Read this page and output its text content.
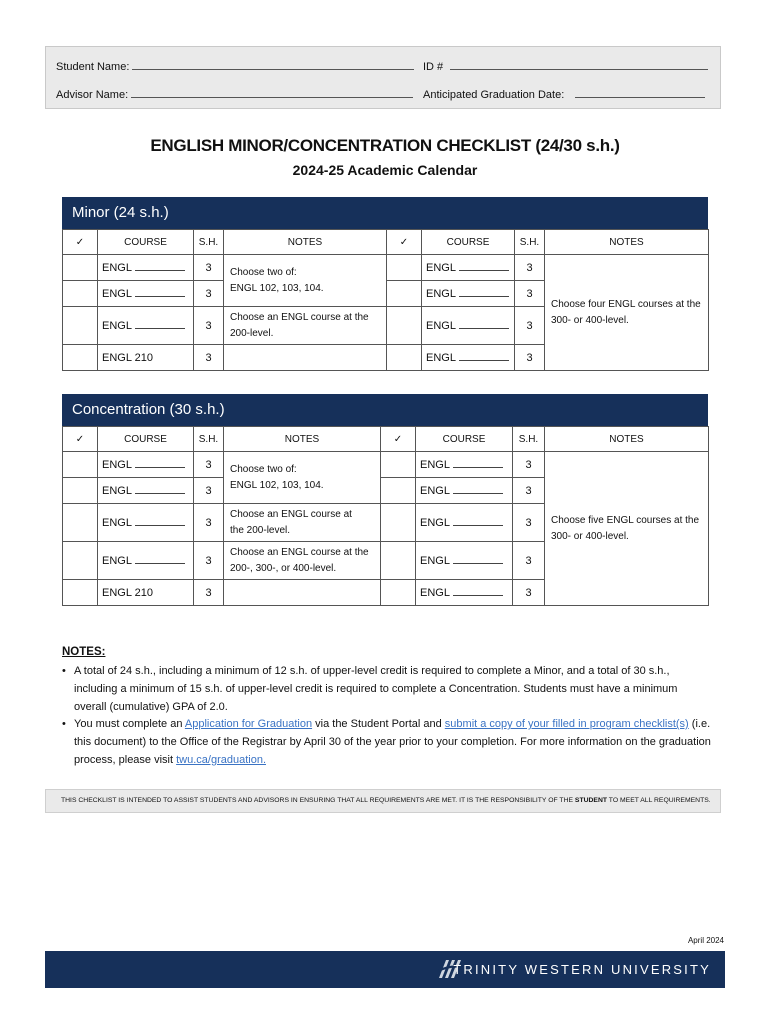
Student Name:	ID #
Advisor Name:	Anticipated Graduation Date:
ENGLISH MINOR/CONCENTRATION CHECKLIST (24/30 s.h.)
2024-25 Academic Calendar
Minor (24 s.h.)
✓	COURSE	S.H.	NOTES	✓	COURSE	S.H.	NOTES
	ENGL	3	Choose two of: ENGL 102, 103, 104.		ENGL	3	Choose four ENGL courses at the 300- or 400-level.
	ENGL	3			ENGL	3	
	ENGL	3	Choose an ENGL course at the 200-level.		ENGL	3	
	ENGL 210	3			ENGL	3	
Concentration (30 s.h.)
✓	COURSE	S.H.	NOTES	✓	COURSE	S.H.	NOTES
	ENGL	3	Choose two of: ENGL 102, 103, 104.		ENGL	3	Choose five ENGL courses at the 300- or 400-level.
	ENGL	3			ENGL	3	
	ENGL	3	Choose an ENGL course at the 200-level.		ENGL	3	
	ENGL	3	Choose an ENGL course at the 200-, 300-, or 400-level.		ENGL	3	
	ENGL 210	3			ENGL	3	
NOTES:
• A total of 24 s.h., including a minimum of 12 s.h. of upper-level credit is required to complete a Minor, and a total of 30 s.h., including a minimum of 15 s.h. of upper-level credit is required to complete a Concentration. Students must have a minimum overall (cumulative) GPA of 2.0.
• You must complete an Application for Graduation via the Student Portal and submit a copy of your filled in program checklist(s) (i.e. this document) to the Office of the Registrar by April 30 of the year prior to your completion. For more information on the graduation process, please visit twu.ca/graduation.
THIS CHECKLIST IS INTENDED TO ASSIST STUDENTS AND ADVISORS IN ENSURING THAT ALL REQUIREMENTS ARE MET. IT IS THE RESPONSIBILITY OF THE STUDENT TO MEET ALL REQUIREMENTS.
April 2024
TRINITY WESTERN UNIVERSITY
